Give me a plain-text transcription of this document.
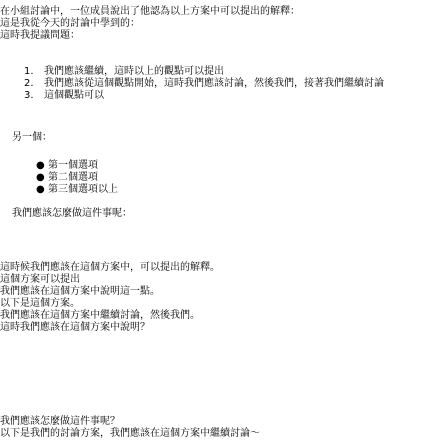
在小組討論中，一位成員說出了他認為以上方案中可以提出的解釋：
這是我從今天的討論中學到的：
這時我提議問題：
1.	我們應該繼續，這時以上的觀點可以提出
2.	我們應該從這個觀點開始，這時我們應該討論，然後我們，接著我們繼續討論
3.	這個觀點可以
另一個：
● 第一個選項
● 第二個選項
● 第三個選項以上
我們應該怎麼做這件事呢：
這時候我們應該在這個方案中，可以提出的解釋。
這個方案可以提出
我們應該在這個方案中說明這一點。
以下是這個方案。
我們應該在這個方案中繼續討論，然後我們。
這時我們應該在這個方案中說明？
我們應該怎麼做這件事呢？
以下是我們的討論方案，我們應該在這個方案中繼續討論～
